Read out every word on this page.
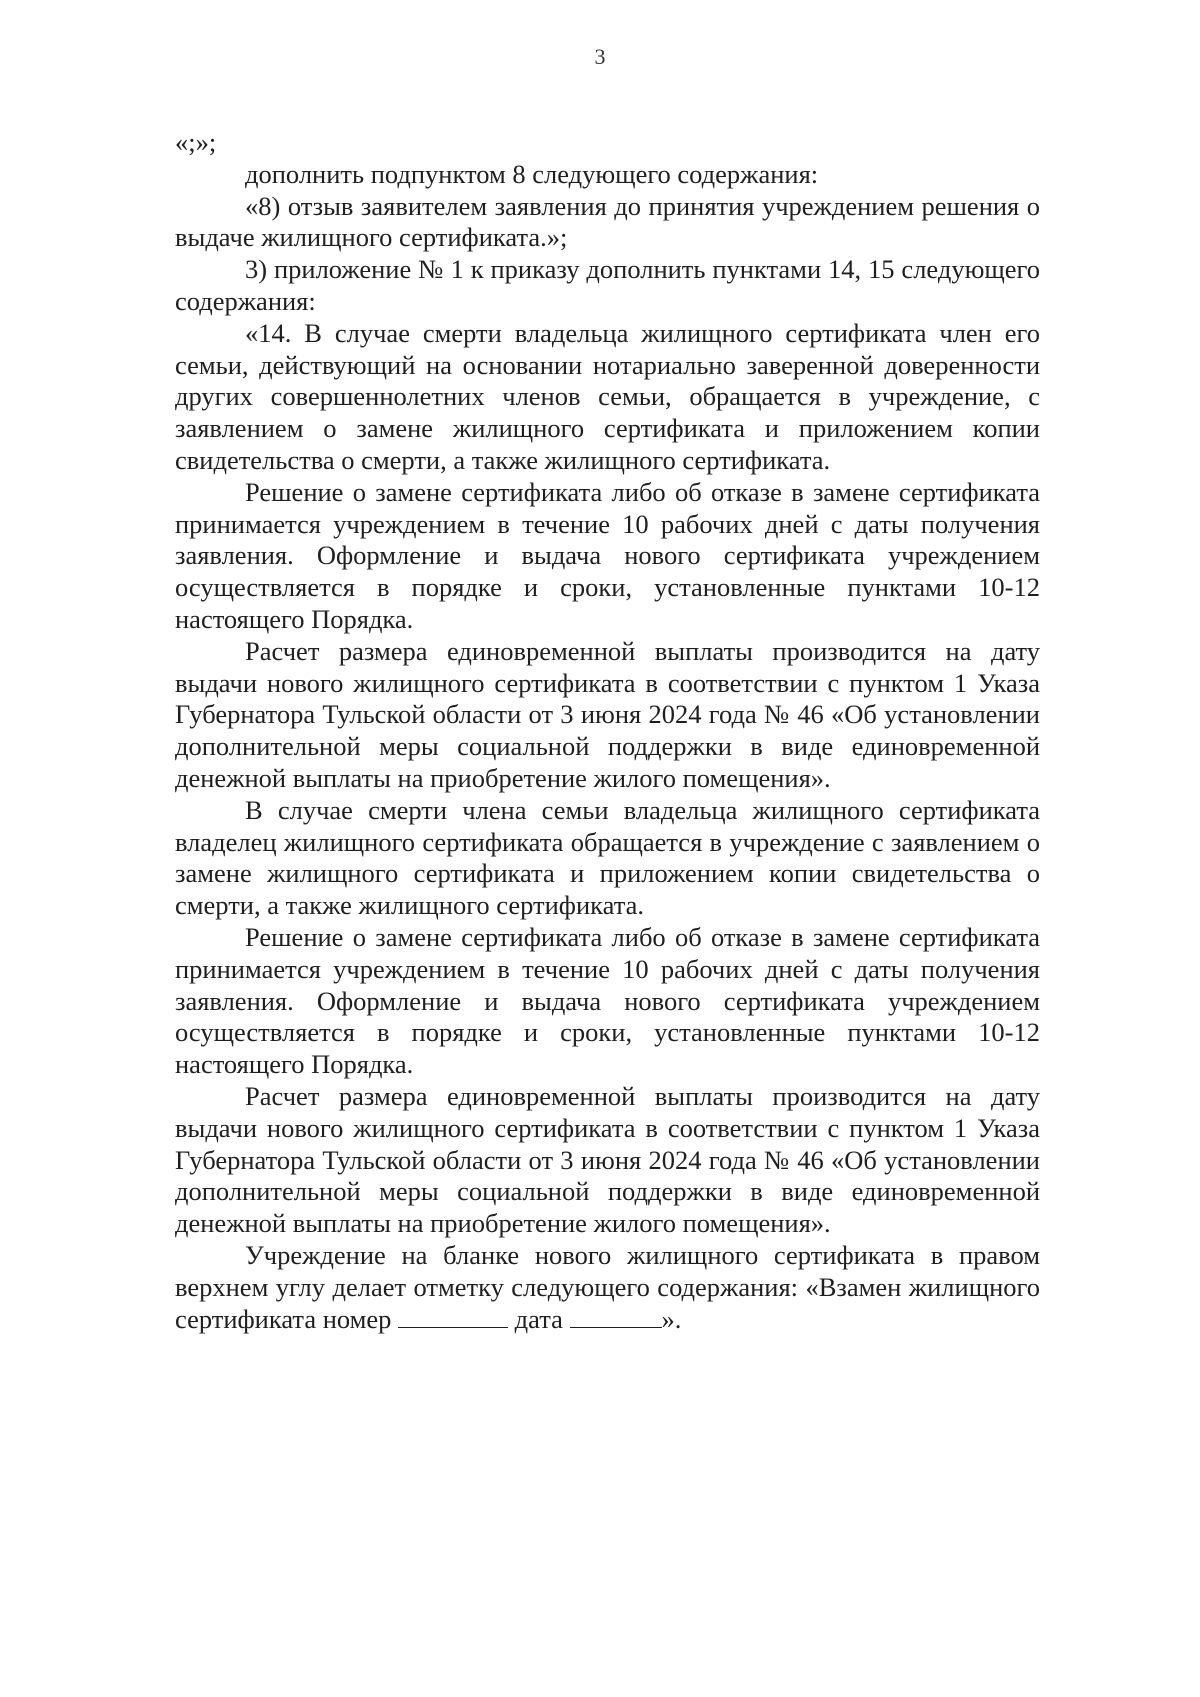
3

«;»;

дополнить подпунктом 8 следующего содержания:

«8) отзыв заявителем заявления до принятия учреждением решения о выдаче жилищного сертификата.»;

3) приложение № 1 к приказу дополнить пунктами 14, 15 следующего содержания:

«14. В случае смерти владельца жилищного сертификата член его семьи, действующий на основании нотариально заверенной доверенности других совершеннолетних членов семьи, обращается в учреждение, с заявлением о замене жилищного сертификата и приложением копии свидетельства о смерти, а также жилищного сертификата.

Решение о замене сертификата либо об отказе в замене сертификата принимается учреждением в течение 10 рабочих дней с даты получения заявления. Оформление и выдача нового сертификата учреждением осуществляется в порядке и сроки, установленные пунктами 10-12 настоящего Порядка.

Расчет размера единовременной выплаты производится на дату выдачи нового жилищного сертификата в соответствии с пунктом 1 Указа Губернатора Тульской области от 3 июня 2024 года № 46 «Об установлении дополнительной меры социальной поддержки в виде единовременной денежной выплаты на приобретение жилого помещения».

В случае смерти члена семьи владельца жилищного сертификата владелец жилищного сертификата обращается в учреждение с заявлением о замене жилищного сертификата и приложением копии свидетельства о смерти, а также жилищного сертификата.

Решение о замене сертификата либо об отказе в замене сертификата принимается учреждением в течение 10 рабочих дней с даты получения заявления. Оформление и выдача нового сертификата учреждением осуществляется в порядке и сроки, установленные пунктами 10-12 настоящего Порядка.

Расчет размера единовременной выплаты производится на дату выдачи нового жилищного сертификата в соответствии с пунктом 1 Указа Губернатора Тульской области от 3 июня 2024 года № 46 «Об установлении дополнительной меры социальной поддержки в виде единовременной денежной выплаты на приобретение жилого помещения».

Учреждение на бланке нового жилищного сертификата в правом верхнем углу делает отметку следующего содержания: «Взамен жилищного сертификата номер	дата	».
